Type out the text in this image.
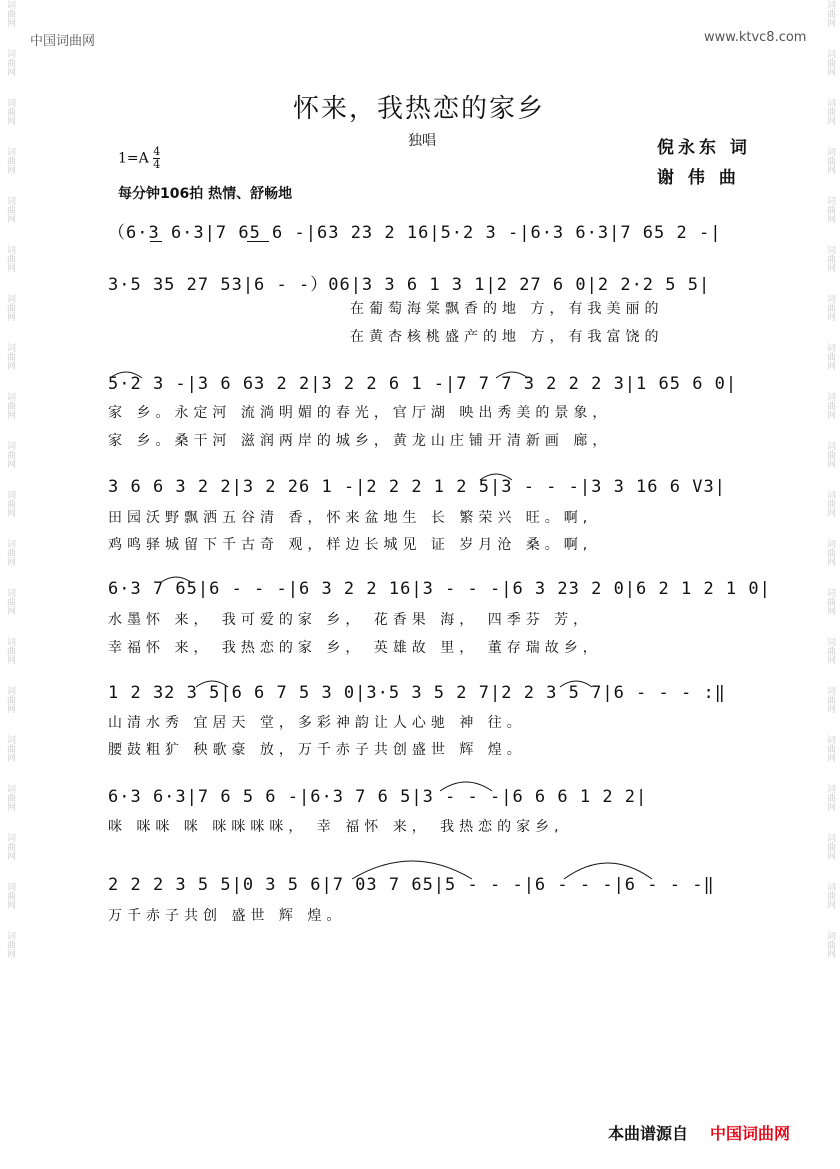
词曲网
词曲网
词曲网
词曲网
词曲网
词曲网
词曲网
词曲网
词曲网
词曲网
词曲网
词曲网
词曲网
词曲网
词曲网
词曲网
词曲网
词曲网
词曲网
词曲网
词曲网
词曲网
词曲网
词曲网
词曲网
词曲网
词曲网
词曲网
词曲网
词曲网
词曲网
词曲网
词曲网
词曲网
词曲网
词曲网
词曲网
词曲网
词曲网
词曲网
中国词曲网	www.ktvc8.com
怀来，我热恋的家乡
独唱	倪永东 词
谢 伟 曲
$1=A \frac{4}{4}$
每分钟106拍 热情、舒畅地
（6·3 6·3|7 65 6 -|63 23 2 16|5·2 3 -|6·3 6·3|7 65 2 -|
3·5 35 27 53|6 - -）06|3 3 6 1 3 1|2 27 6 0|2 2·2 5 5|
在葡萄海棠飘香的地 方，有我美丽的
在黄杏核桃盛产的地 方，有我富饶的
5·2 3 -|3 6 63 2 2|3 2 2 6 1 -|7 7 7 3 2 2 2 3|1 65 6 0|
家 乡。永定河 流淌明媚的春光，官厅湖 映出秀美的景象，
家 乡。桑干河 滋润两岸的城乡，黄龙山庄铺开清新画 廊，
3 6 6 3 2 2|3 2 26 1 -|2 2 2 1 2 5|3 - - -|3 3 16 6 V3|
田园沃野飘洒五谷清 香，怀来盆地生 长 繁荣兴 旺。啊,
鸡鸣驿城留下千古奇 观，样边长城见 证 岁月沧 桑。啊,
6·3 7 65|6 - - -|6 3 2 2 16|3 - - -|6 3 23 2 0|6 2 1 2 1 0|
水墨怀 来， 我可爱的家 乡， 花香果 海， 四季芬 芳，
幸福怀 来， 我热恋的家 乡， 英雄故 里， 董存瑞故乡，
1 2 32 3 5|6 6 7 5 3 0|3·5 3 5 2 7|2 2 3 5 7|6 - - - :‖
山清水秀 宜居天 堂，多彩神韵让人心驰 神 往。
腰鼓粗犷 秧歌豪 放，万千赤子共创盛世 辉 煌。
6·3 6·3|7 6 5 6 -|6·3 7 6 5|3 - - -|6 6 6 1 2 2|
咪 咪咪 咪 咪咪咪咪， 幸 福怀 来， 我热恋的家乡,
2 2 2 3 5 5|0 3 5 6|7 03 7 65|5 - - -|6 - - -|6 - - -‖
万千赤子共创 盛世 辉 煌。
本曲谱源自 中国词曲网
